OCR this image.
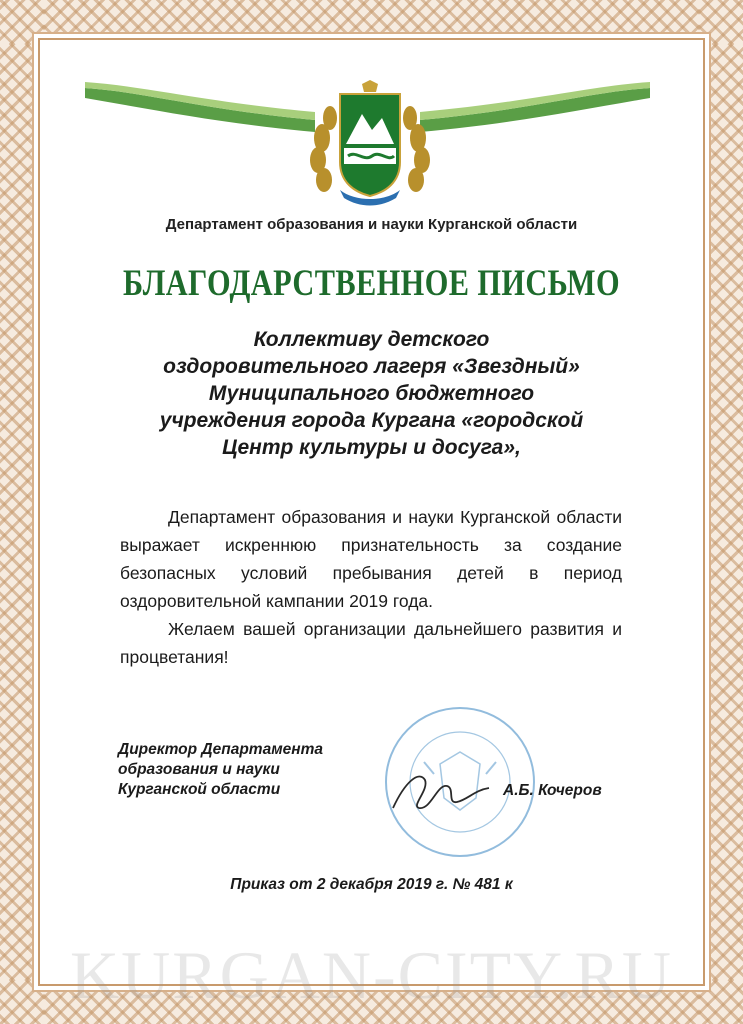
Департамент образования и науки Курганской области
БЛАГОДАРСТВЕННОЕ ПИСЬМО
Коллективу детского
оздоровительного лагеря «Звездный»
Муниципального бюджетного
учреждения города Кургана «городской
Центр культуры и досуга»,

Департамент образования и науки Курганской области выражает искреннюю признательность за создание безопасных условий пребывания детей в период оздоровительной кампании 2019 года.

Желаем вашей организации дальнейшего развития и процветания!

Директор Департамента
образования и науки
Курганской области	А.Б. Кочеров
Приказ от 2 декабря 2019 г. № 481 к
KURGAN-CITY.RU
